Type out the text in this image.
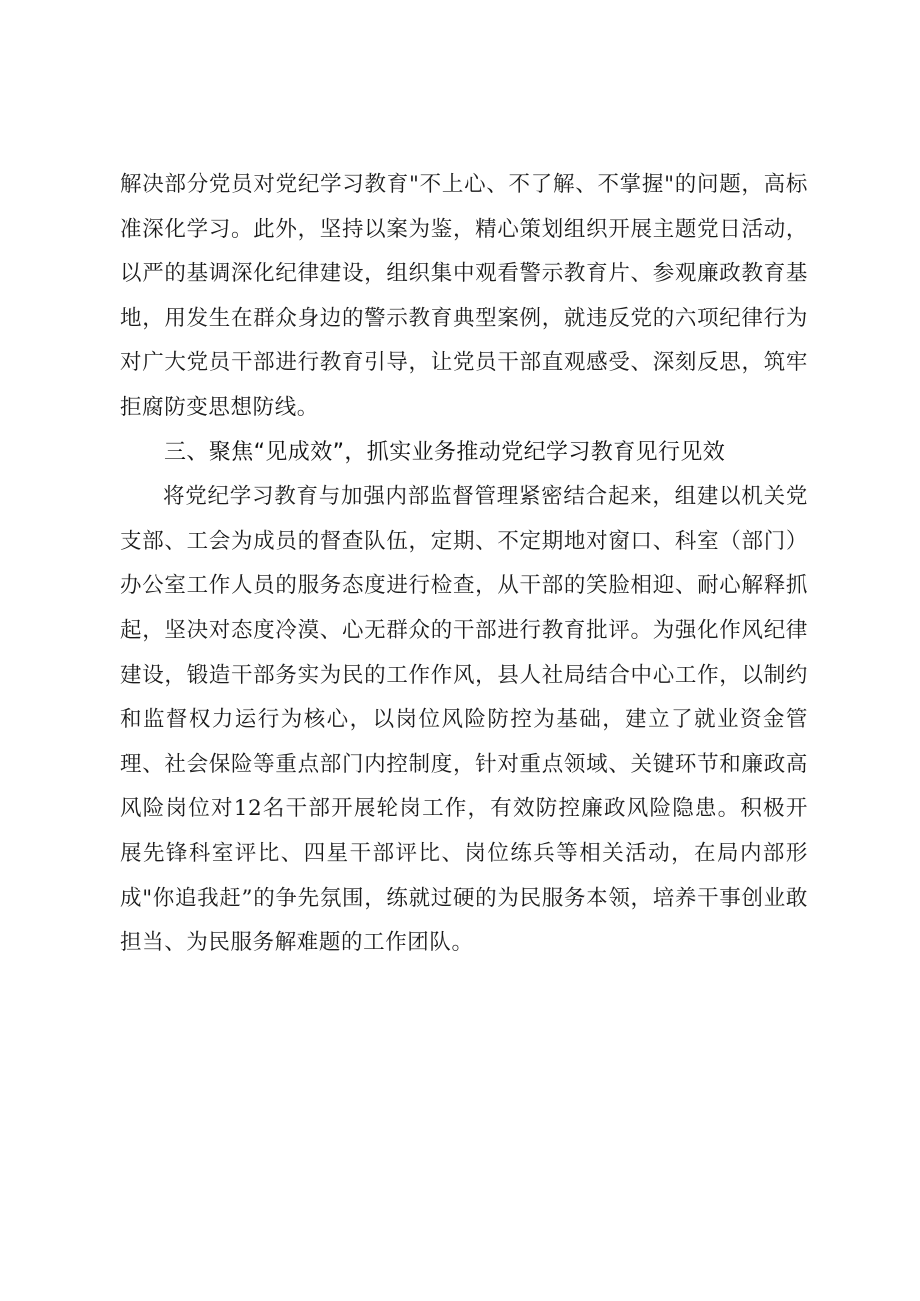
解决部分党员对党纪学习教育"不上心、不了解、不掌握"的问题，高标准深化学习。此外，坚持以案为鉴，精心策划组织开展主题党日活动，以严的基调深化纪律建设，组织集中观看警示教育片、参观廉政教育基地，用发生在群众身边的警示教育典型案例，就违反党的六项纪律行为对广大党员干部进行教育引导，让党员干部直观感受、深刻反思，筑牢拒腐防变思想防线。

三、聚焦“见成效”，抓实业务推动党纪学习教育见行见效

将党纪学习教育与加强内部监督管理紧密结合起来，组建以机关党支部、工会为成员的督查队伍，定期、不定期地对窗口、科室（部门）办公室工作人员的服务态度进行检查，从干部的笑脸相迎、耐心解释抓起，坚决对态度冷漠、心无群众的干部进行教育批评。为强化作风纪律建设，锻造干部务实为民的工作作风，县人社局结合中心工作，以制约和监督权力运行为核心，以岗位风险防控为基础，建立了就业资金管理、社会保险等重点部门内控制度，针对重点领域、关键环节和廉政高风险岗位对12名干部开展轮岗工作，有效防控廉政风险隐患。积极开展先锋科室评比、四星干部评比、岗位练兵等相关活动，在局内部形成"你追我赶”的争先氛围，练就过硬的为民服务本领，培养干事创业敢担当、为民服务解难题的工作团队。
